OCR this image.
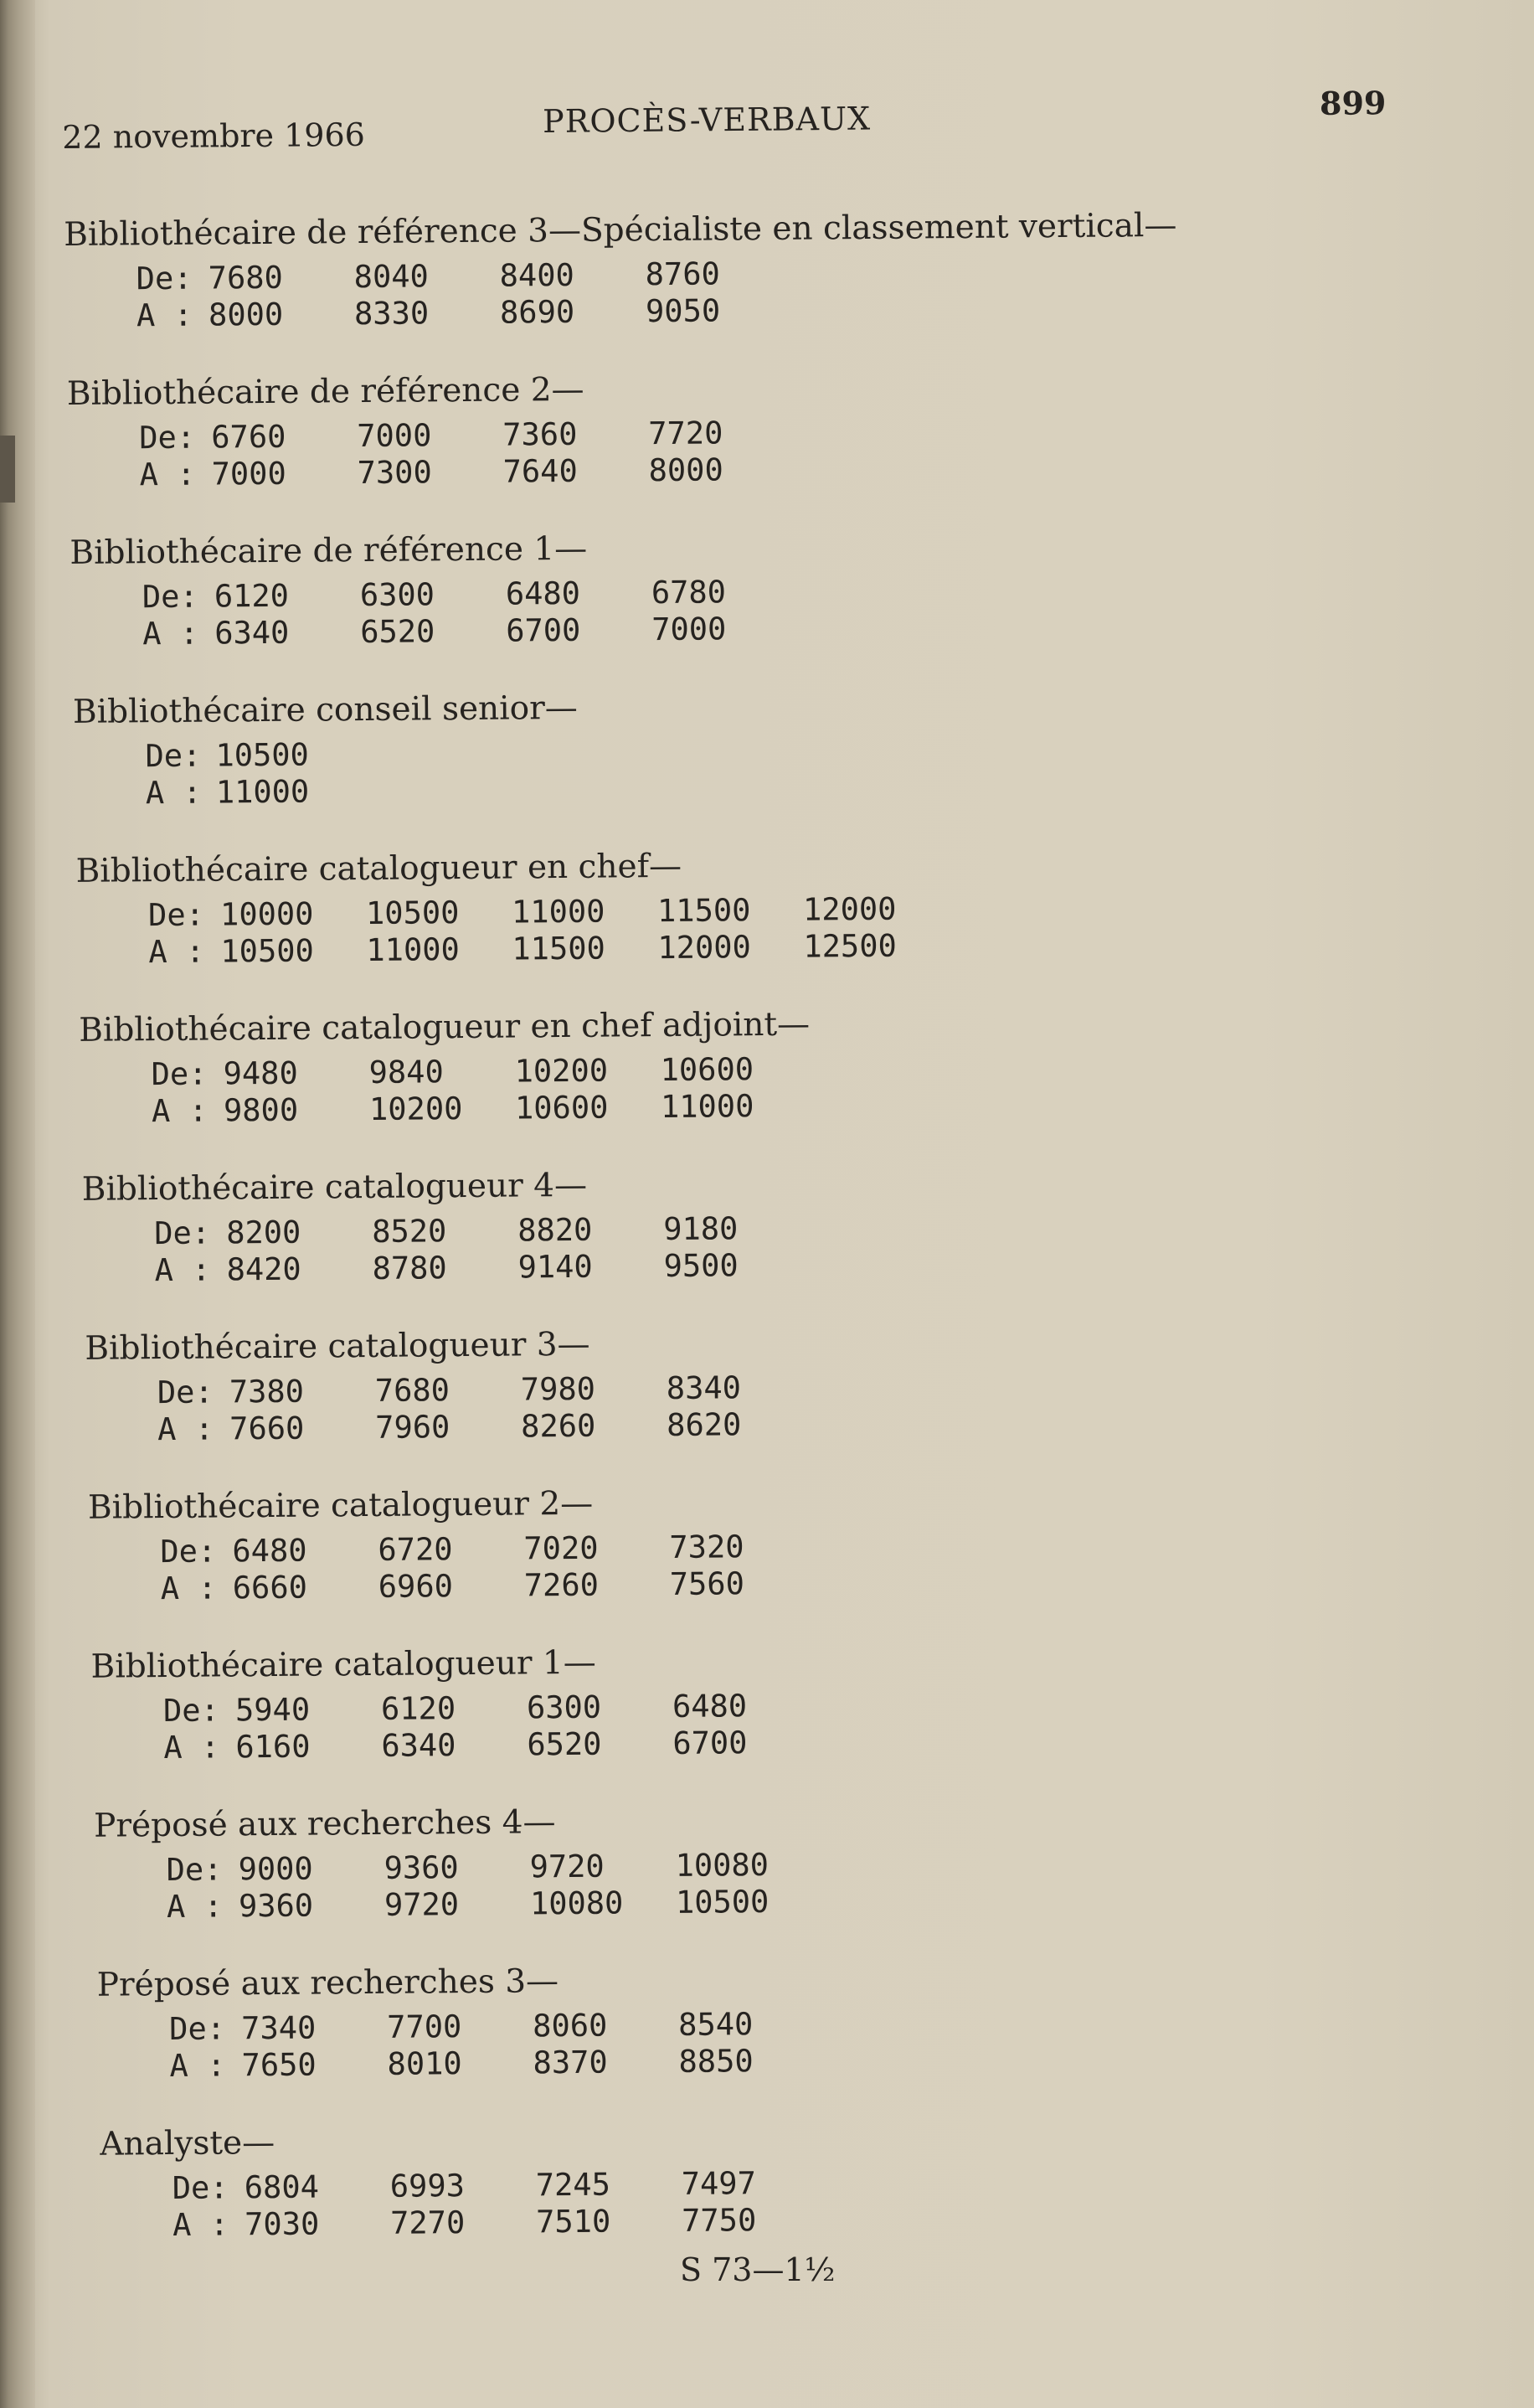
22 novembre 1966	PROCÈS-VERBAUX	899
Bibliothécaire de référence 3—Spécialiste en classement vertical—
De: 7680 8040 8400 8760
A : 8000 8330 8690 9050
Bibliothécaire de référence 2—
De: 6760 7000 7360 7720
A : 7000 7300 7640 8000
Bibliothécaire de référence 1—
De: 6120 6300 6480 6780
A : 6340 6520 6700 7000
Bibliothécaire conseil senior—
De: 10500
A : 11000
Bibliothécaire catalogueur en chef—
De: 10000 10500 11000 11500 12000
A : 10500 11000 11500 12000 12500
Bibliothécaire catalogueur en chef adjoint—
De: 9480 9840 10200 10600
A : 9800 10200 10600 11000
Bibliothécaire catalogueur 4—
De: 8200 8520 8820 9180
A : 8420 8780 9140 9500
Bibliothécaire catalogueur 3—
De: 7380 7680 7980 8340
A : 7660 7960 8260 8620
Bibliothécaire catalogueur 2—
De: 6480 6720 7020 7320
A : 6660 6960 7260 7560
Bibliothécaire catalogueur 1—
De: 5940 6120 6300 6480
A : 6160 6340 6520 6700
Préposé aux recherches 4—
De: 9000 9360 9720 10080
A : 9360 9720 10080 10500
Préposé aux recherches 3—
De: 7340 7700 8060 8540
A : 7650 8010 8370 8850
Analyste—
De: 6804 6993 7245 7497
A : 7030 7270 7510 7750
S 73—1½
